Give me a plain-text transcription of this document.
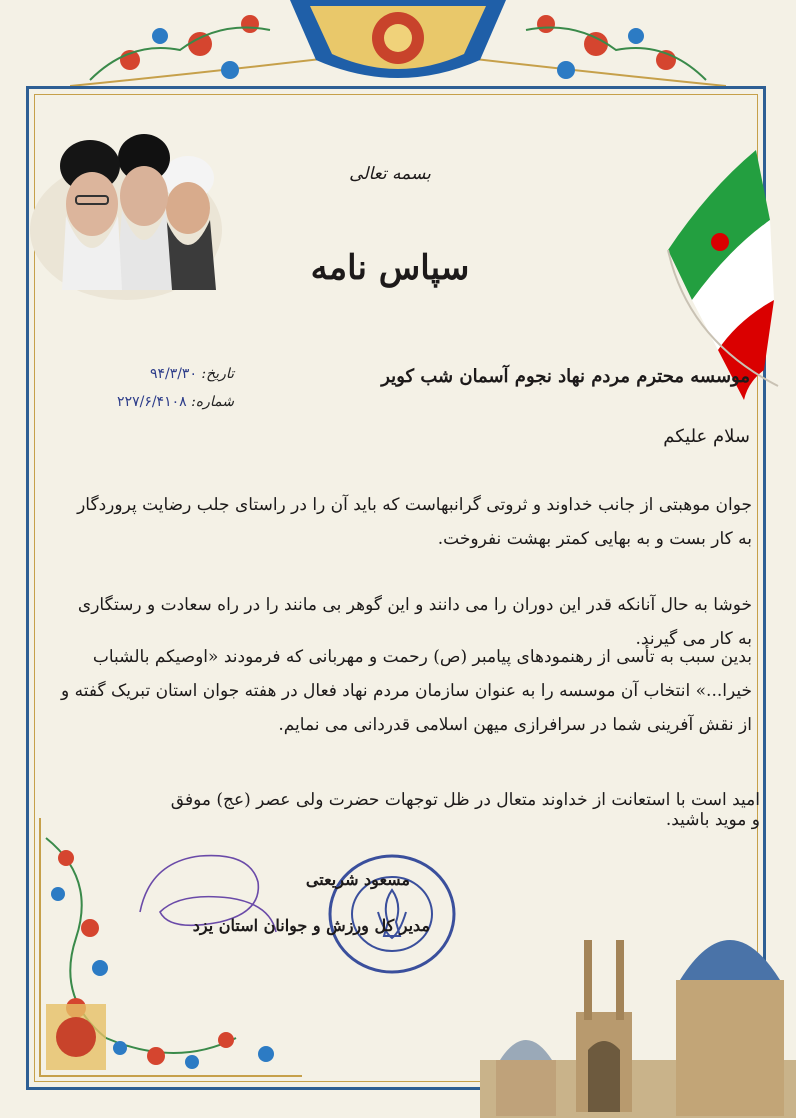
بسمه تعالی
سپاس نامه
تاریخ: ۹۴/۳/۳۰
شماره: ۲۲۷/۶/۴۱۰۸
موسسه محترم مردم نهاد نجوم آسمان شب کویر
سلام علیکم
جوان موهبتی از جانب خداوند و ثروتی گرانبهاست که باید آن را در راستای جلب رضایت پروردگار به کار بست و به بهایی کمتر بهشت نفروخت.
خوشا به حال آنانکه قدر این دوران را می دانند و این گوهر بی مانند را در راه سعادت و رستگاری به کار می گیرند.
بدین سبب به تأسی از رهنمودهای پیامبر (ص) رحمت و مهربانی که فرمودند «اوصیکم بالشباب خیرا...» انتخاب آن موسسه را به عنوان سازمان مردم نهاد فعال در هفته جوان استان تبریک گفته و از نقش آفرینی شما در سرافرازی میهن اسلامی قدردانی می نمایم.
امید است با استعانت از خداوند متعال در ظل توجهات حضرت ولی عصر (عج) موفق و موید باشید.
مسعود شریعتی
مدیر کل ورزش و جوانان استان یزد
